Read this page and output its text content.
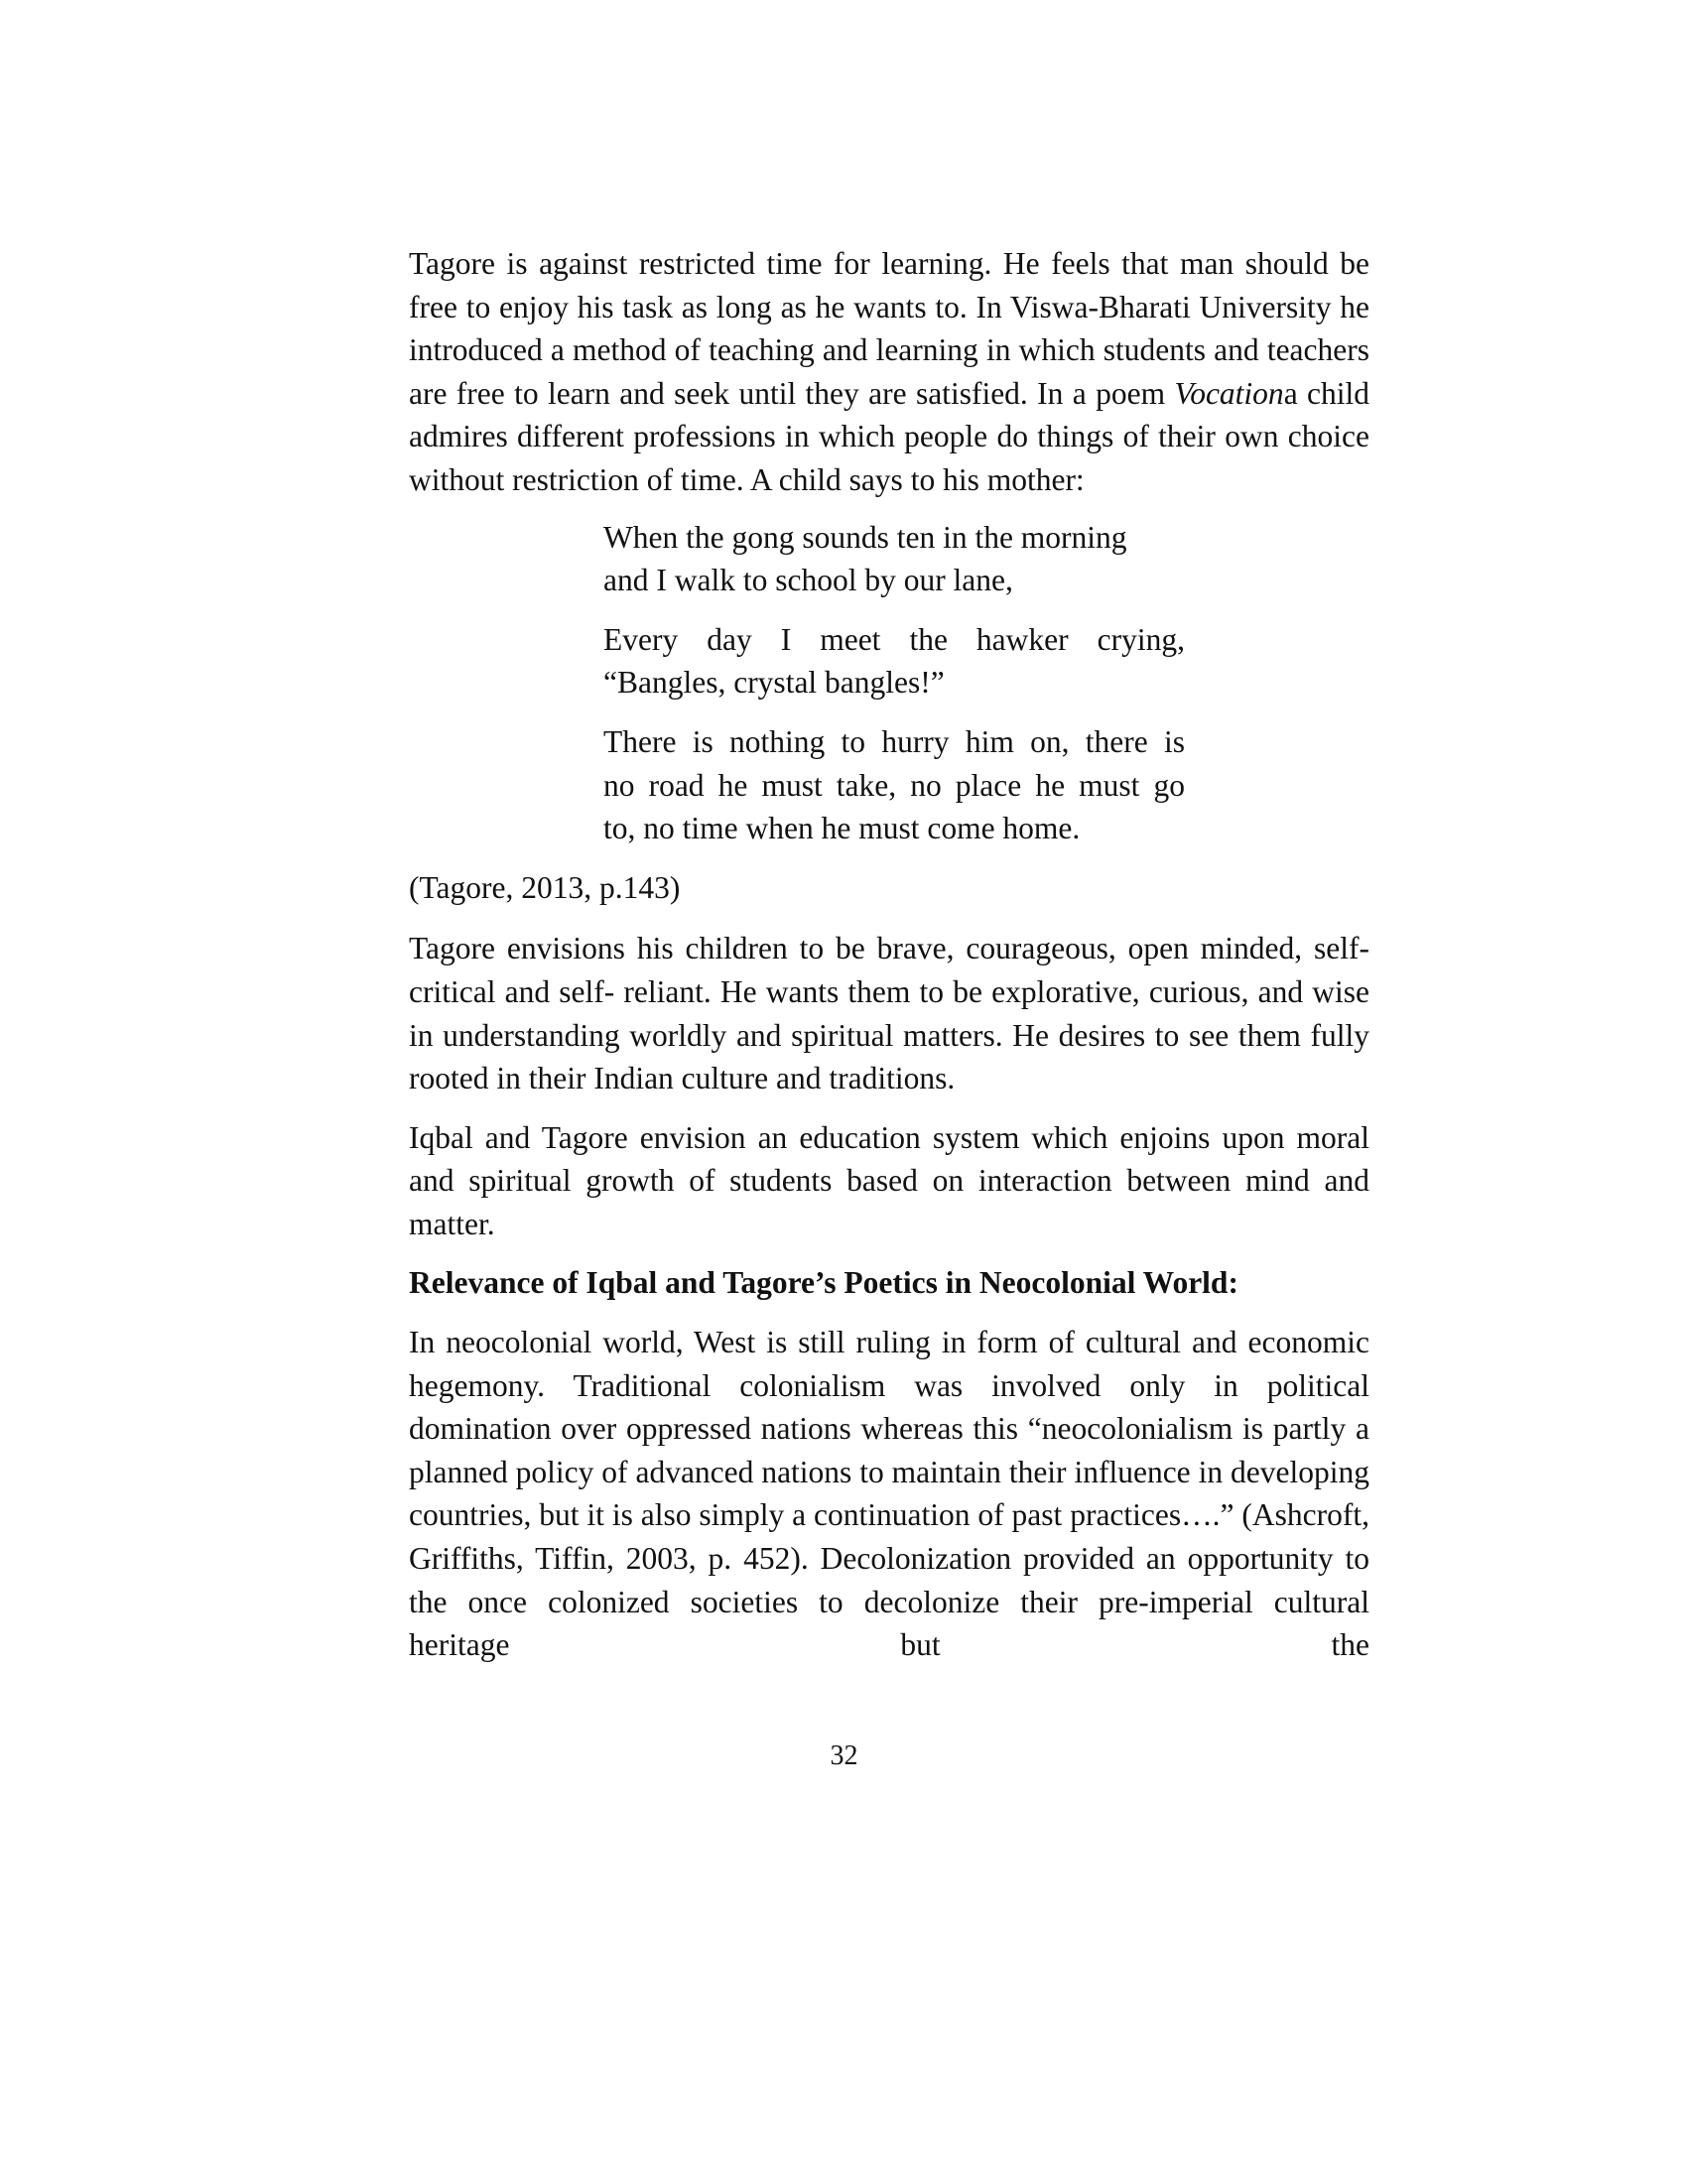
Tagore is against restricted time for learning. He feels that man should be free to enjoy his task as long as he wants to. In Viswa-Bharati University he introduced a method of teaching and learning in which students and teachers are free to learn and seek until they are satisfied. In a poem Vocationa child admires different professions in which people do things of their own choice without restriction of time. A child says to his mother:

When the gong sounds ten in the morning
and I walk to school by our lane,

Every day I meet the hawker crying,
“Bangles, crystal bangles!”

There is nothing to hurry him on, there is
no road he must take, no place he must go
to, no time when he must come home.

(Tagore, 2013, p.143)

Tagore envisions his children to be brave, courageous, open minded, self-critical and self- reliant. He wants them to be explorative, curious, and wise in understanding worldly and spiritual matters. He desires to see them fully rooted in their Indian culture and traditions.

Iqbal and Tagore envision an education system which enjoins upon moral and spiritual growth of students based on interaction between mind and matter.

Relevance of Iqbal and Tagore’s Poetics in Neocolonial World:

In neocolonial world, West is still ruling in form of cultural and economic hegemony. Traditional colonialism was involved only in political domination over oppressed nations whereas this “neocolonialism is partly a planned policy of advanced nations to maintain their influence in developing countries, but it is also simply a continuation of past practices….” (Ashcroft, Griffiths, Tiffin, 2003, p. 452). Decolonization provided an opportunity to the once colonized societies to decolonize their pre-imperial cultural heritage but the

32
